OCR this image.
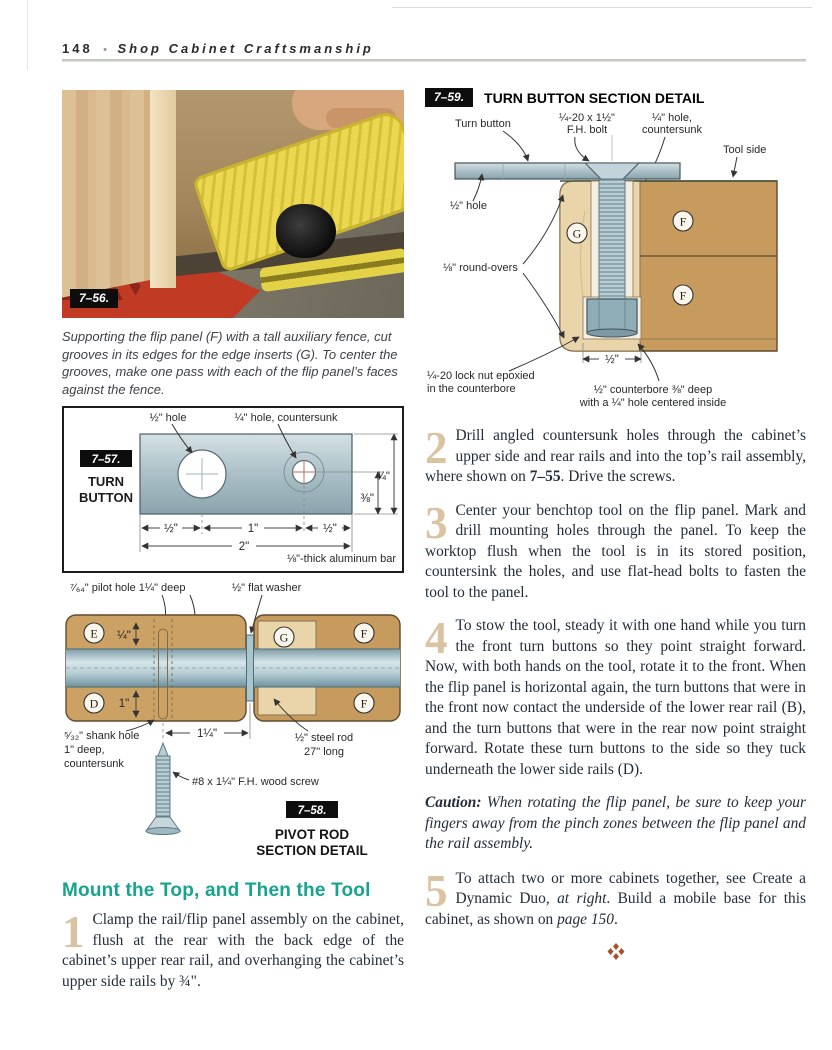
148 • Shop Cabinet Craftsmanship
7–56.

Supporting the flip panel (F) with a tall auxiliary fence, cut grooves in its edges for the edge inserts (G). To center the grooves, make one pass with each of the flip panel’s faces against the fence.

½" hole	¼" hole, countersunk
¾"
⅜"
½"	1"	½"
2"
⅛"-thick aluminum bar
7–57.
TURN
BUTTON
⁷⁄₆₄" pilot hole 1¼" deep	½" flat washer
E
D
G	F
F
¼"
1"
⁵⁄₃₂" shank hole
1" deep,
countersunk
1¼"	½" steel rod
27" long
#8 x 1¼" F.H. wood screw
7–58.
PIVOT ROD
SECTION DETAIL
Mount the Top, and Then the Tool

1 Clamp the rail/flip panel assembly on the cabinet, flush at the rear with the back edge of the cabinet’s upper rear rail, and overhanging the cabinet’s upper side rails by ¾".

7–59.	TURN BUTTON SECTION DETAIL
Turn button	¼-20 x 1½"
F.H. bolt
¼" hole,
countersunk
Tool side
½" hole
⅛" round-overs
G
F
F
½"
¼-20 lock nut epoxied
in the counterbore	½" counterbore ⅜" deep
with a ¼" hole centered inside

2 Drill angled countersunk holes through the cabinet’s upper side and rear rails and into the top’s rail assembly, where shown on 7–55. Drive the screws.

3 Center your benchtop tool on the flip panel. Mark and drill mounting holes through the panel. To keep the worktop flush when the tool is in its stored position, countersink the holes, and use flat-head bolts to fasten the tool to the panel.

4 To stow the tool, steady it with one hand while you turn the front turn buttons so they point straight forward. Now, with both hands on the tool, rotate it to the front. When the flip panel is horizontal again, the turn buttons that were in the front now contact the underside of the lower rear rail (B), and the turn buttons that were in the rear now point straight forward. Rotate these turn buttons to the side so they tuck underneath the lower side rails (D).

Caution: When rotating the flip panel, be sure to keep your fingers away from the pinch zones between the flip panel and the rail assembly.

5 To attach two or more cabinets together, see Create a Dynamic Duo, at right. Build a mobile base for this cabinet, as shown on page 150.
